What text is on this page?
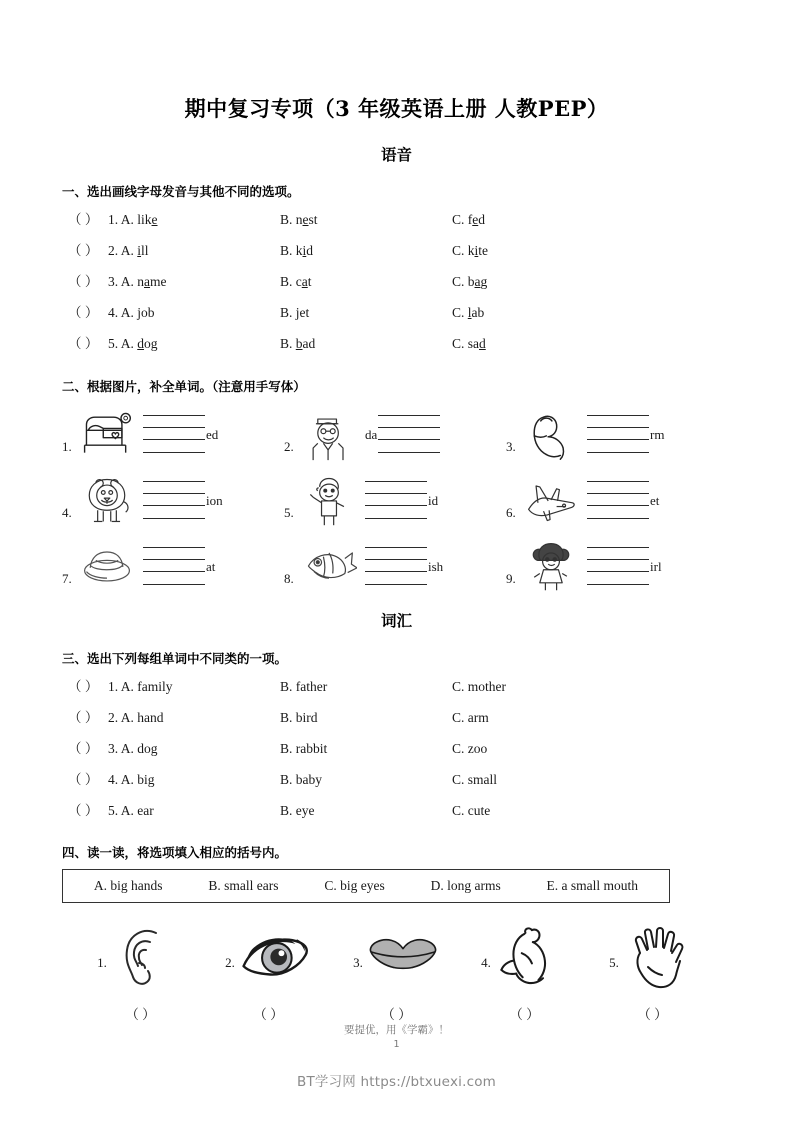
期中复习专项（3 年级英语上册 人教PEP）
语音

一、选出画线字母发音与其他不同的选项。

（ ） 1. A. like	B. nest	C. fed
（ ） 2. A. ill	B. kid	C. kite
（ ） 3. A. name	B. cat	C. bag
（ ） 4. A. job	B. jet	C. lab
（ ） 5. A. dog	B. bad	C. sad

二、根据图片，补全单词。（注意用手写体）

1.
ed
2.
da
3.
rm
4.
ion
5.
id
6.
et
7.
at
8.
ish
9.
irl
词汇

三、选出下列每组单词中不同类的一项。

（ ） 1. A. family	B. father	C. mother
（ ） 2. A. hand	B. bird	C. arm
（ ） 3. A. dog	B. rabbit	C. zoo
（ ） 4. A. big	B. baby	C. small
（ ） 5. A. ear	B. eye	C. cute

四、读一读，将选项填入相应的括号内。

A. big hands	B. small ears	C. big eyes	D. long arms	E. a small mouth
1.
（ ）
2.
（ ）
3.
（ ）
4.
（ ）
5.
（ ）
要提优，用《学霸》！
1
BT学习网 https://btxuexi.com
